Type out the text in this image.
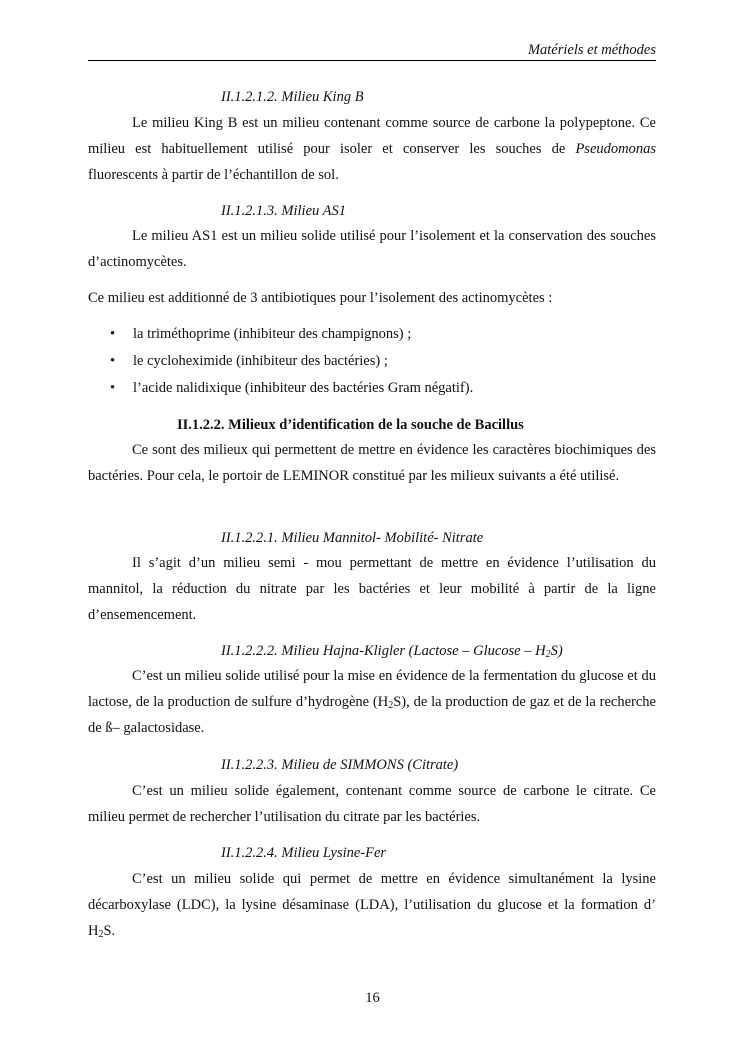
Matériels et méthodes
II.1.2.1.2. Milieu King B
Le milieu King B est un milieu contenant comme source de carbone la polypeptone. Ce milieu est habituellement utilisé pour isoler et conserver les souches de Pseudomonas fluorescents à partir de l’échantillon de sol.
II.1.2.1.3. Milieu AS1
Le milieu AS1 est un milieu solide utilisé pour l’isolement et la conservation des souches d’actinomycètes.
Ce milieu est additionné de 3 antibiotiques pour l’isolement des actinomycètes :
• la triméthoprime (inhibiteur des champignons) ;
• le cycloheximide (inhibiteur des bactéries) ;
• l’acide nalidixique (inhibiteur des bactéries Gram négatif).
II.1.2.2. Milieux d’identification de la souche de Bacillus
Ce sont des milieux qui permettent de mettre en évidence les caractères biochimiques des bactéries. Pour cela, le portoir de LEMINOR constitué par les milieux suivants a été utilisé.
II.1.2.2.1. Milieu Mannitol- Mobilité- Nitrate
Il s’agit d’un milieu semi - mou permettant de mettre en évidence l’utilisation du mannitol, la réduction du nitrate par les bactéries et leur mobilité à partir de la ligne d’ensemencement.
II.1.2.2.2. Milieu Hajna-Kligler (Lactose – Glucose – $H_2S$)
C’est un milieu solide utilisé pour la mise en évidence de la fermentation du glucose et du lactose, de la production de sulfure d’hydrogène $(H_2S)$, de la production de gaz et de la recherche de ß– galactosidase.
II.1.2.2.3. Milieu de SIMMONS (Citrate)
C’est un milieu solide également, contenant comme source de carbone le citrate. Ce milieu permet de rechercher l’utilisation du citrate par les bactéries.
II.1.2.2.4. Milieu Lysine-Fer
C’est un milieu solide qui permet de mettre en évidence simultanément la lysine décarboxylase (LDC), la lysine désaminase (LDA), l’utilisation du glucose et la formation d’ $H_2S$.
16
